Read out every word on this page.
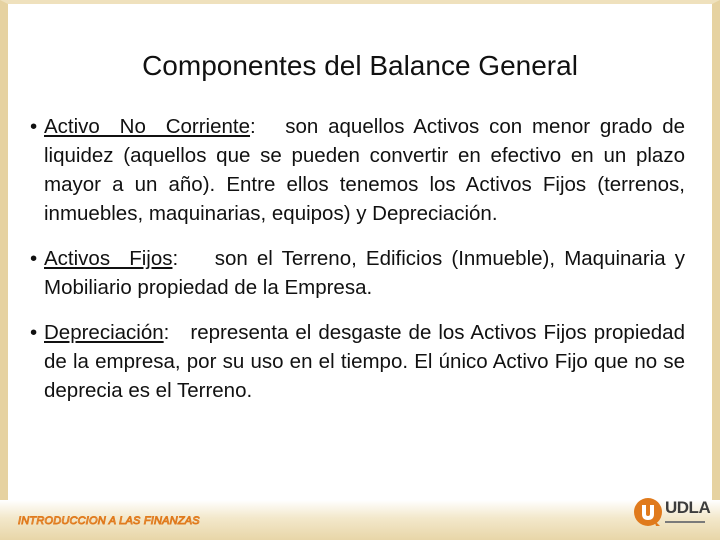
Componentes del Balance General
• Activo No Corriente: son aquellos Activos con menor grado de liquidez (aquellos que se pueden convertir en efectivo en un plazo mayor a un año). Entre ellos tenemos los Activos Fijos (terrenos, inmuebles, maquinarias, equipos) y Depreciación.
• Activos Fijos: son el Terreno, Edificios (Inmueble), Maquinaria y Mobiliario propiedad de la Empresa.
• Depreciación: representa el desgaste de los Activos Fijos propiedad de la empresa, por su uso en el tiempo. El único Activo Fijo que no se deprecia es el Terreno.
INTRODUCCION A LAS FINANZAS
UDLA
